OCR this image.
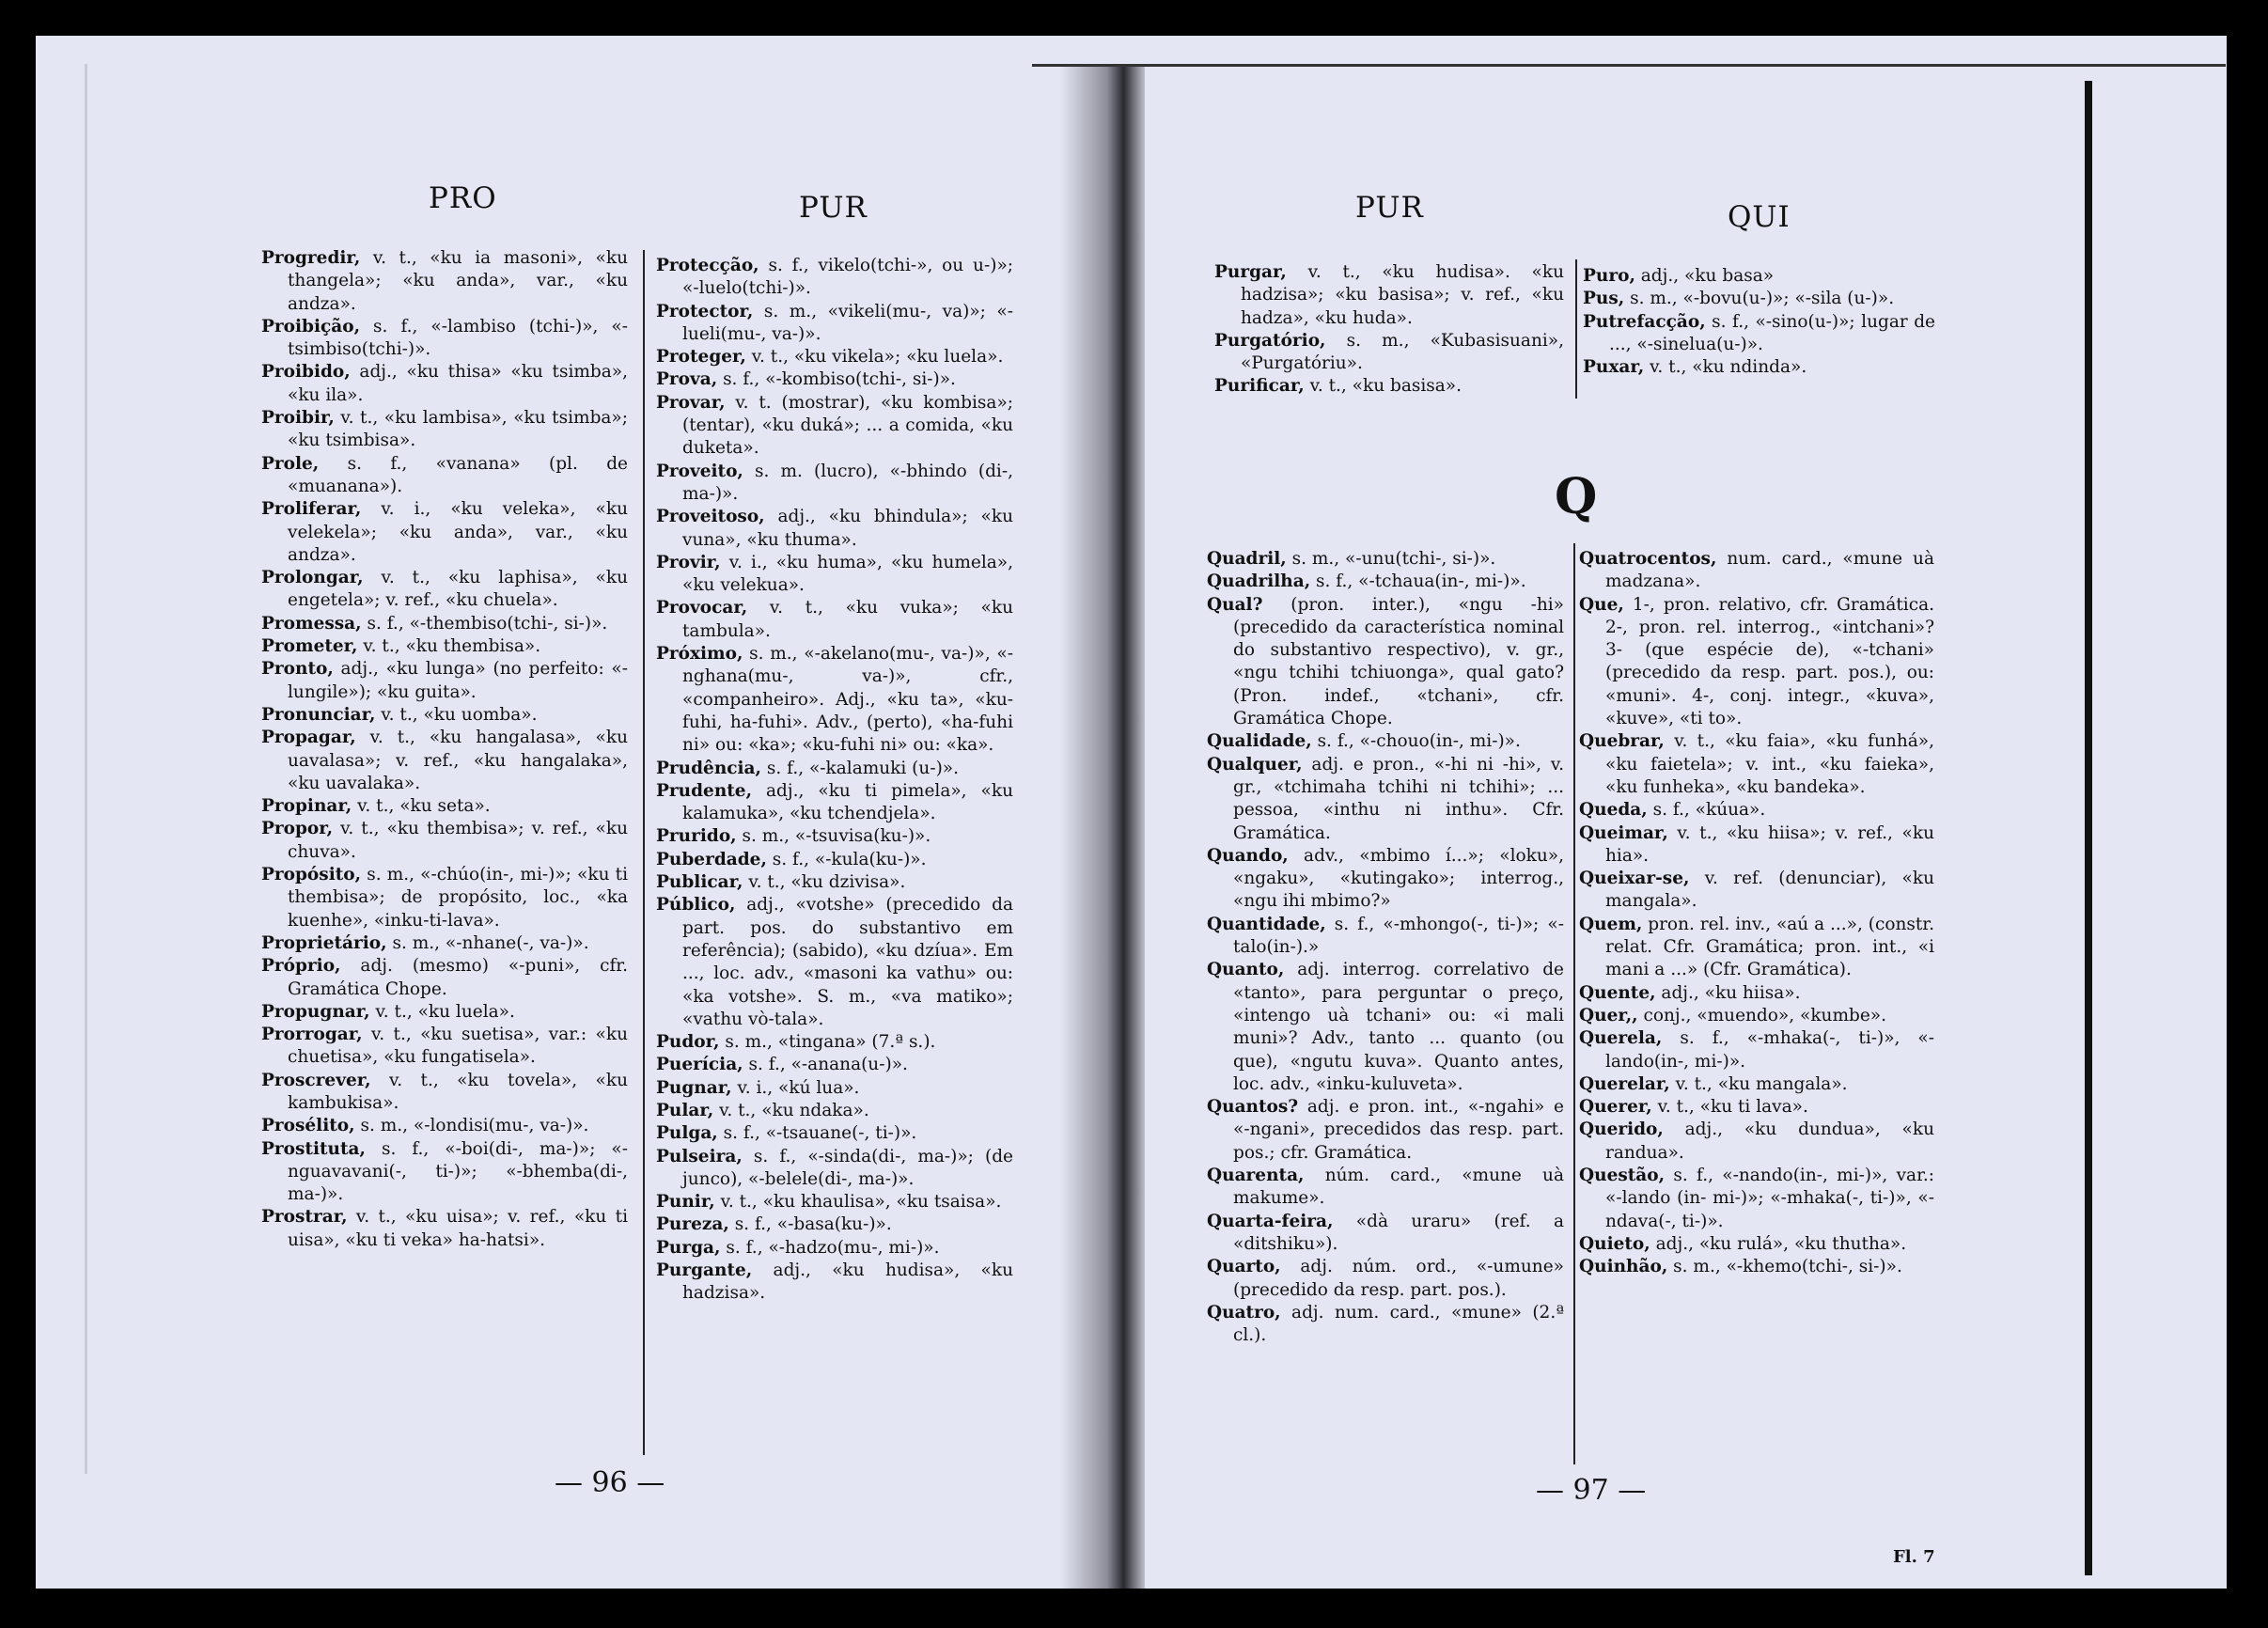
PRO	PUR

Progredir, v. t., «ku ia masoni», «ku thangela»; «ku anda», var., «ku andza».

Proibição, s. f., «-lambiso (tchi-)», «-tsimbiso(tchi-)».

Proibido, adj., «ku thisa» «ku tsimba», «ku ila».

Proibir, v. t., «ku lambisa», «ku tsimba»; «ku tsimbisa».

Prole, s. f., «vanana» (pl. de «muanana»).

Proliferar, v. i., «ku veleka», «ku velekela»; «ku anda», var., «ku andza».

Prolongar, v. t., «ku laphisa», «ku engetela»; v. ref., «ku chuela».

Promessa, s. f., «-thembiso(tchi-, si-)».

Prometer, v. t., «ku thembisa».

Pronto, adj., «ku lunga» (no perfeito: «-lungile»); «ku guita».

Pronunciar, v. t., «ku uomba».

Propagar, v. t., «ku hangalasa», «ku uavalasa»; v. ref., «ku hangalaka», «ku uavalaka».

Propinar, v. t., «ku seta».

Propor, v. t., «ku thembisa»; v. ref., «ku chuva».

Propósito, s. m., «-chúo(in-, mi-)»; «ku ti thembisa»; de propósito, loc., «ka kuenhe», «inku-ti-lava».

Proprietário, s. m., «-nhane(-, va-)».

Próprio, adj. (mesmo) «-puni», cfr. Gramática Chope.

Propugnar, v. t., «ku luela».

Prorrogar, v. t., «ku suetisa», var.: «ku chuetisa», «ku fungatisela».

Proscrever, v. t., «ku tovela», «ku kambukisa».

Prosélito, s. m., «-londisi(mu-, va-)».

Prostituta, s. f., «-boi(di-, ma-)»; «-nguavavani(-, ti-)»; «-bhemba(di-, ma-)».

Prostrar, v. t., «ku uisa»; v. ref., «ku ti uisa», «ku ti veka» ha-hatsi».

Protecção, s. f., vikelo(tchi-», ou u-)»; «-luelo(tchi-)».

Protector, s. m., «vikeli(mu-, va)»; «-lueli(mu-, va-)».

Proteger, v. t., «ku vikela»; «ku luela».

Prova, s. f., «-kombiso(tchi-, si-)».

Provar, v. t. (mostrar), «ku kombisa»; (tentar), «ku duká»; ... a comida, «ku duketa».

Proveito, s. m. (lucro), «-bhindo (di-, ma-)».

Proveitoso, adj., «ku bhindula»; «ku vuna», «ku thuma».

Provir, v. i., «ku huma», «ku humela», «ku velekua».

Provocar, v. t., «ku vuka»; «ku tambula».

Próximo, s. m., «-akelano(mu-, va-)», «-nghana(mu-, va-)», cfr., «companheiro». Adj., «ku ta», «ku-fuhi, ha-fuhi». Adv., (perto), «ha-fuhi ni» ou: «ka»; «ku-fuhi ni» ou: «ka».

Prudência, s. f., «-kalamuki (u-)».

Prudente, adj., «ku ti pimela», «ku kalamuka», «ku tchendjela».

Prurido, s. m., «-tsuvisa(ku-)».

Puberdade, s. f., «-kula(ku-)».

Publicar, v. t., «ku dzivisa».

Público, adj., «votshe» (precedido da part. pos. do substantivo em referência); (sabido), «ku dzíua». Em ..., loc. adv., «masoni ka vathu» ou: «ka votshe». S. m., «va matiko»; «vathu vò-tala».

Pudor, s. m., «tingana» (7.ª s.).

Puerícia, s. f., «-anana(u-)».

Pugnar, v. i., «kú lua».

Pular, v. t., «ku ndaka».

Pulga, s. f., «-tsauane(-, ti-)».

Pulseira, s. f., «-sinda(di-, ma-)»; (de junco), «-belele(di-, ma-)».

Punir, v. t., «ku khaulisa», «ku tsaisa».

Pureza, s. f., «-basa(ku-)».

Purga, s. f., «-hadzo(mu-, mi-)».

Purgante, adj., «ku hudisa», «ku hadzisa».

— 96 —
PUR	QUI

Purgar, v. t., «ku hudisa». «ku hadzisa»; «ku basisa»; v. ref., «ku hadza», «ku huda».

Purgatório, s. m., «Kubasisuani», «Purgatóriu».

Purificar, v. t., «ku basisa».

Puro, adj., «ku basa»

Pus, s. m., «-bovu(u-)»; «-sila (u-)».

Putrefacção, s. f., «-sino(u-)»; lugar de ..., «-sinelua(u-)».

Puxar, v. t., «ku ndinda».

Q

Quadril, s. m., «-unu(tchi-, si-)».

Quadrilha, s. f., «-tchaua(in-, mi-)».

Qual? (pron. inter.), «ngu -hi» (precedido da característica nominal do substantivo respectivo), v. gr., «ngu tchihi tchiuonga», qual gato? (Pron. indef., «tchani», cfr. Gramática Chope.

Qualidade, s. f., «-chouo(in-, mi-)».

Qualquer, adj. e pron., «-hi ni -hi», v. gr., «tchimaha tchihi ni tchihi»; ... pessoa, «inthu ni inthu». Cfr. Gramática.

Quando, adv., «mbimo í...»; «loku», «ngaku», «kutingako»; interrog., «ngu ihi mbimo?»

Quantidade, s. f., «-mhongo(-, ti-)»; «-talo(in-).»

Quanto, adj. interrog. correlativo de «tanto», para perguntar o preço, «intengo uà tchani» ou: «i mali muni»? Adv., tanto ... quanto (ou que), «ngutu kuva». Quanto antes, loc. adv., «inku-kuluveta».

Quantos? adj. e pron. int., «-ngahi» e «-ngani», precedidos das resp. part. pos.; cfr. Gramática.

Quarenta, núm. card., «mune uà makume».

Quarta-feira, «dà uraru» (ref. a «ditshiku»).

Quarto, adj. núm. ord., «-umune» (precedido da resp. part. pos.).

Quatro, adj. num. card., «mune» (2.ª cl.).

Quatrocentos, num. card., «mune uà madzana».

Que, 1-, pron. relativo, cfr. Gramática. 2-, pron. rel. interrog., «intchani»? 3- (que espécie de), «-tchani» (precedido da resp. part. pos.), ou: «muni». 4-, conj. integr., «kuva», «kuve», «ti to».

Quebrar, v. t., «ku faia», «ku funhá», «ku faietela»; v. int., «ku faieka», «ku funheka», «ku bandeka».

Queda, s. f., «kúua».

Queimar, v. t., «ku hiisa»; v. ref., «ku hia».

Queixar-se, v. ref. (denunciar), «ku mangala».

Quem, pron. rel. inv., «aú a ...», (constr. relat. Cfr. Gramática; pron. int., «i mani a ...» (Cfr. Gramática).

Quente, adj., «ku hiisa».

Quer,, conj., «muendo», «kumbe».

Querela, s. f., «-mhaka(-, ti-)», «-lando(in-, mi-)».

Querelar, v. t., «ku mangala».

Querer, v. t., «ku ti lava».

Querido, adj., «ku dundua», «ku randua».

Questão, s. f., «-nando(in-, mi-)», var.: «-lando (in- mi-)»; «-mhaka(-, ti-)», «-ndava(-, ti-)».

Quieto, adj., «ku rulá», «ku thutha».

Quinhão, s. m., «-khemo(tchi-, si-)».

— 97 —
Fl. 7
